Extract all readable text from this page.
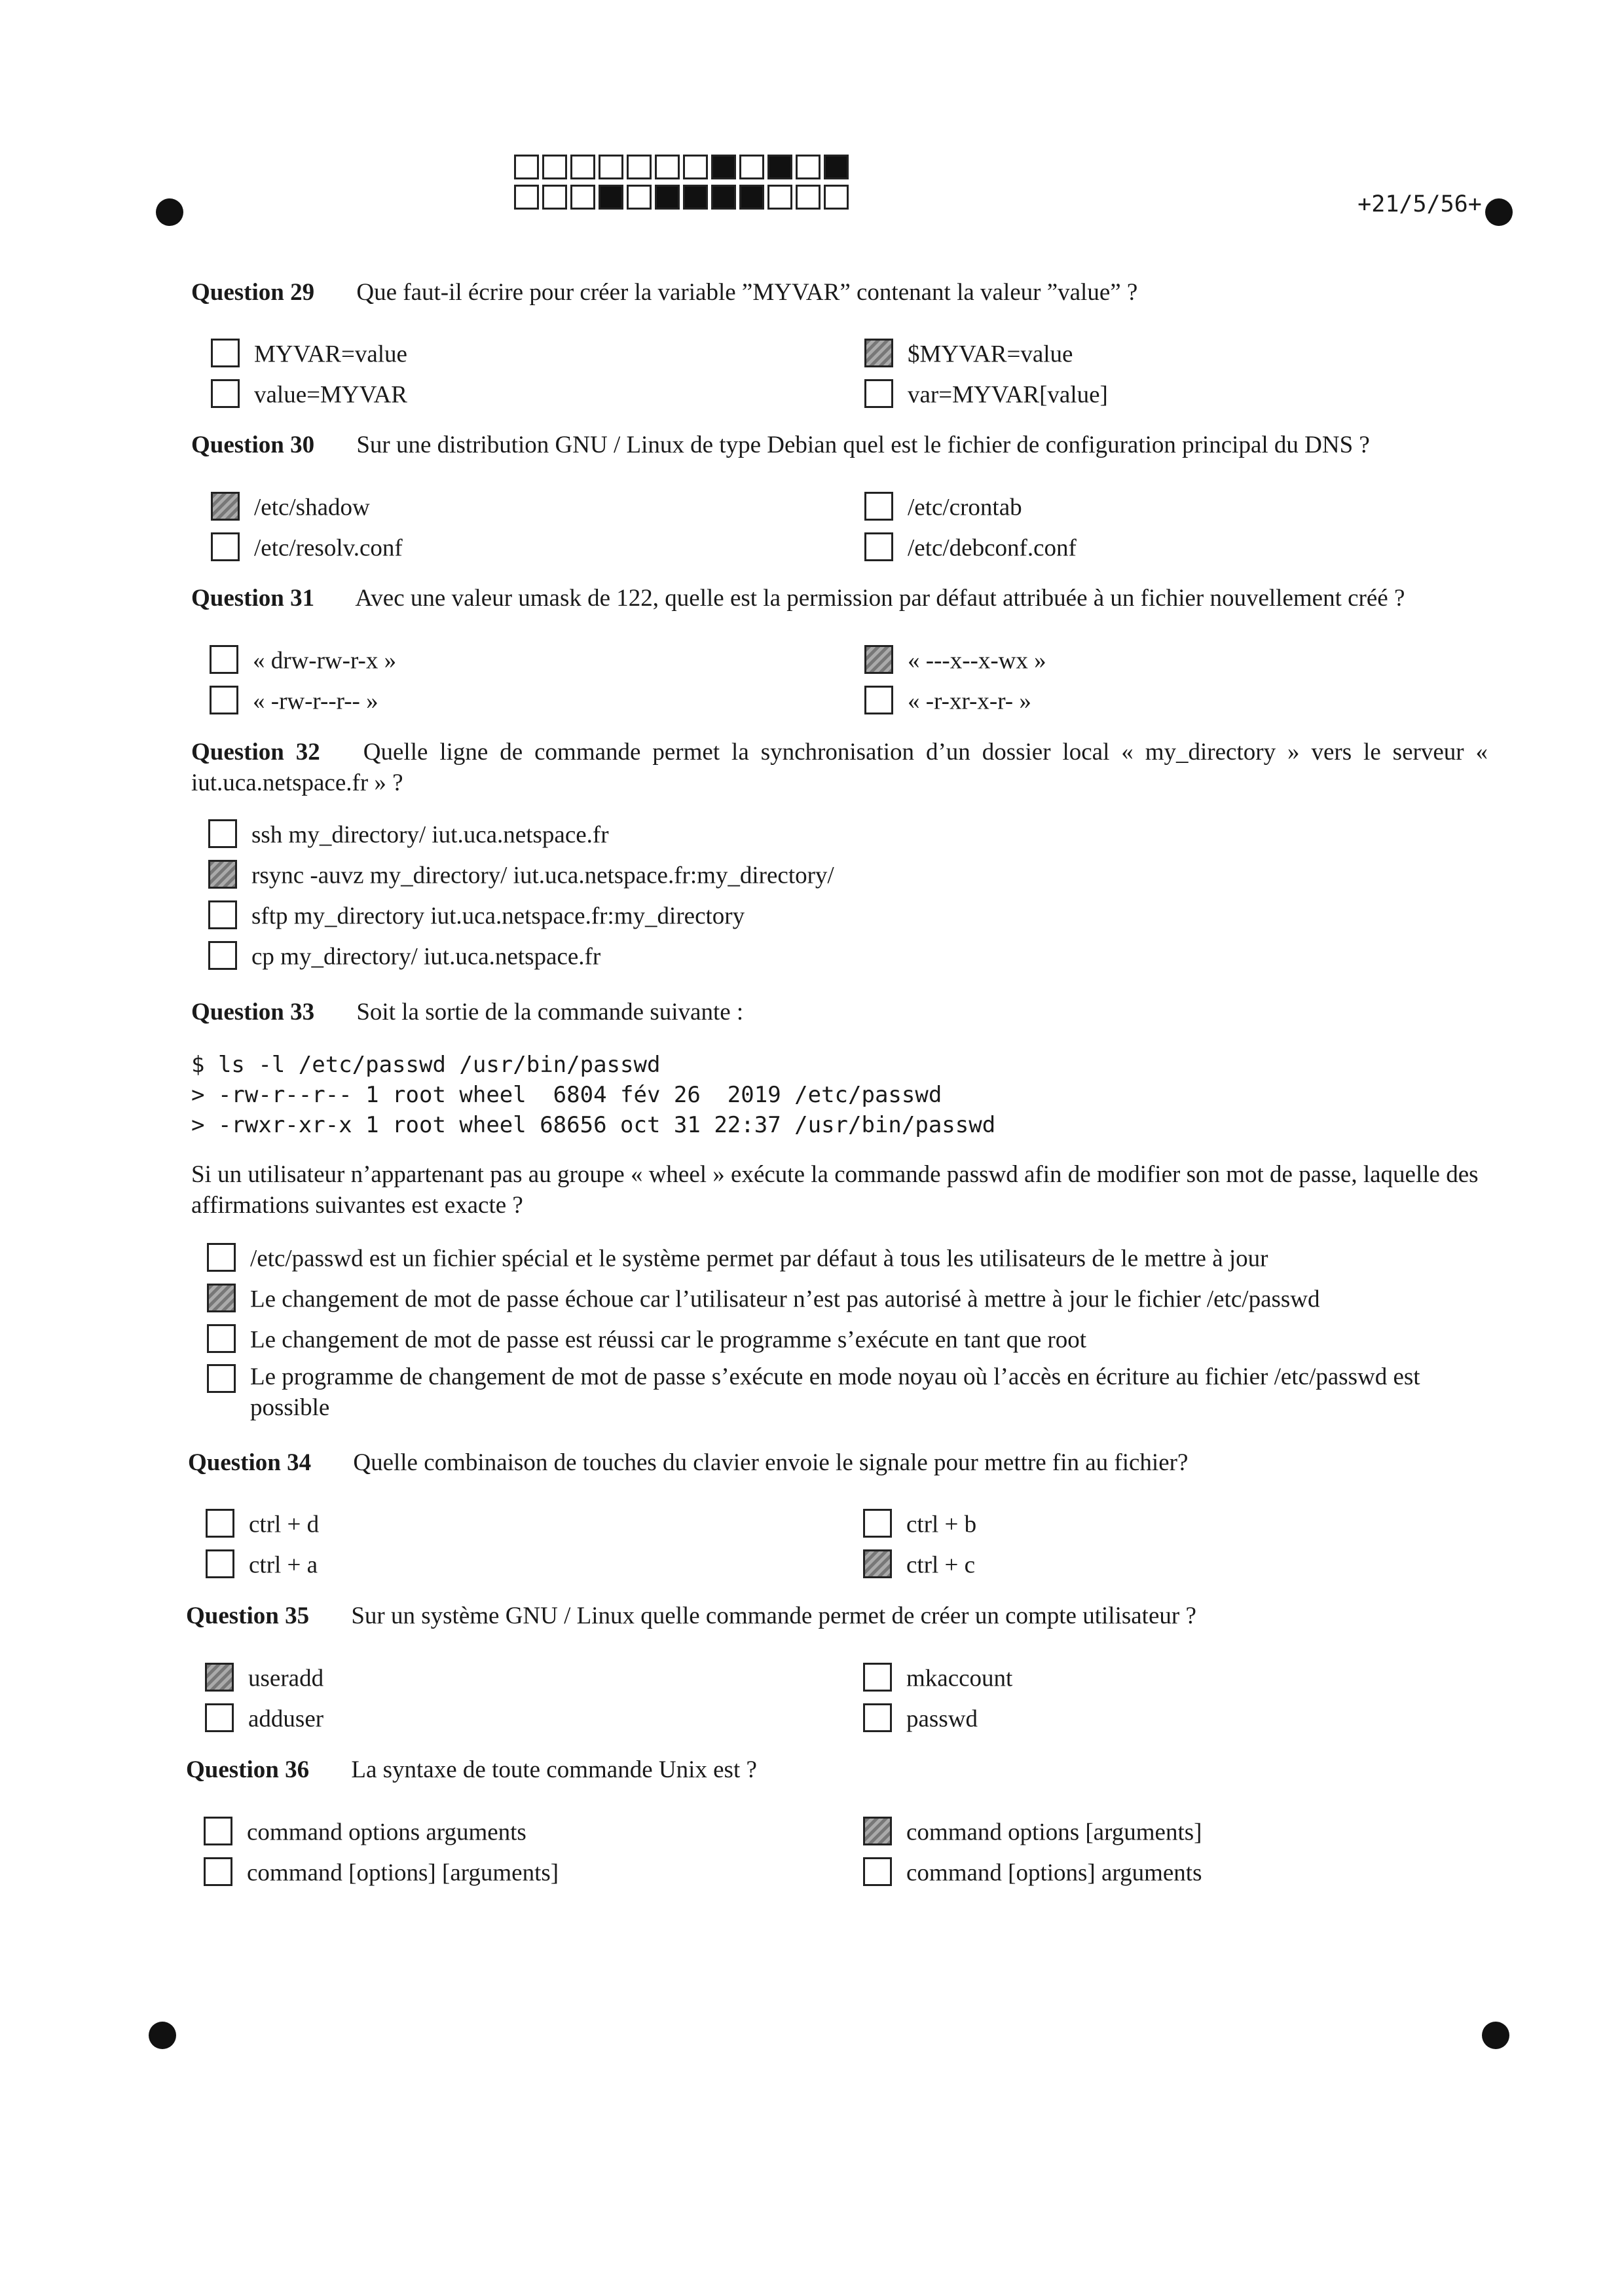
+21/5/56+
Question 29 Que faut-il écrire pour créer la variable ”MYVAR” contenant la valeur ”value” ?
MYVAR=value	$MYVAR=value
value=MYVAR	var=MYVAR[value]
Question 30 Sur une distribution GNU / Linux de type Debian quel est le fichier de configuration principal du DNS ?
/etc/shadow	/etc/crontab
/etc/resolv.conf	/etc/debconf.conf
Question 31 Avec une valeur umask de 122, quelle est la permission par défaut attribuée à un fichier nouvellement créé ?
« drw-rw-r-x »	« ---x--x-wx »
« -rw-r--r-- »	« -r-xr-x-r- »
Question 32 Quelle ligne de commande permet la synchronisation d’un dossier local « my_directory » vers le serveur « iut.uca.netspace.fr » ?
ssh my_directory/ iut.uca.netspace.fr
rsync -auvz my_directory/ iut.uca.netspace.fr:my_directory/
sftp my_directory iut.uca.netspace.fr:my_directory
cp my_directory/ iut.uca.netspace.fr
Question 33 Soit la sortie de la commande suivante :
$ ls -l /etc/passwd /usr/bin/passwd
> -rw-r--r-- 1 root wheel  6804 fév 26  2019 /etc/passwd
> -rwxr-xr-x 1 root wheel 68656 oct 31 22:37 /usr/bin/passwd
Si un utilisateur n’appartenant pas au groupe « wheel » exécute la commande passwd afin de modifier son mot de passe, laquelle des affirmations suivantes est exacte ?
/etc/passwd est un fichier spécial et le système permet par défaut à tous les utilisateurs de le mettre à jour
Le changement de mot de passe échoue car l’utilisateur n’est pas autorisé à mettre à jour le fichier /etc/passwd
Le changement de mot de passe est réussi car le programme s’exécute en tant que root
Le programme de changement de mot de passe s’exécute en mode noyau où l’accès en écriture au fichier /etc/passwd est possible
Question 34 Quelle combinaison de touches du clavier envoie le signale pour mettre fin au fichier?
ctrl + d	ctrl + b
ctrl + a	ctrl + c
Question 35 Sur un système GNU / Linux quelle commande permet de créer un compte utilisateur ?
useradd	mkaccount
adduser	passwd
Question 36 La syntaxe de toute commande Unix est ?
command options arguments	command options [arguments]
command [options] [arguments]	command [options] arguments
